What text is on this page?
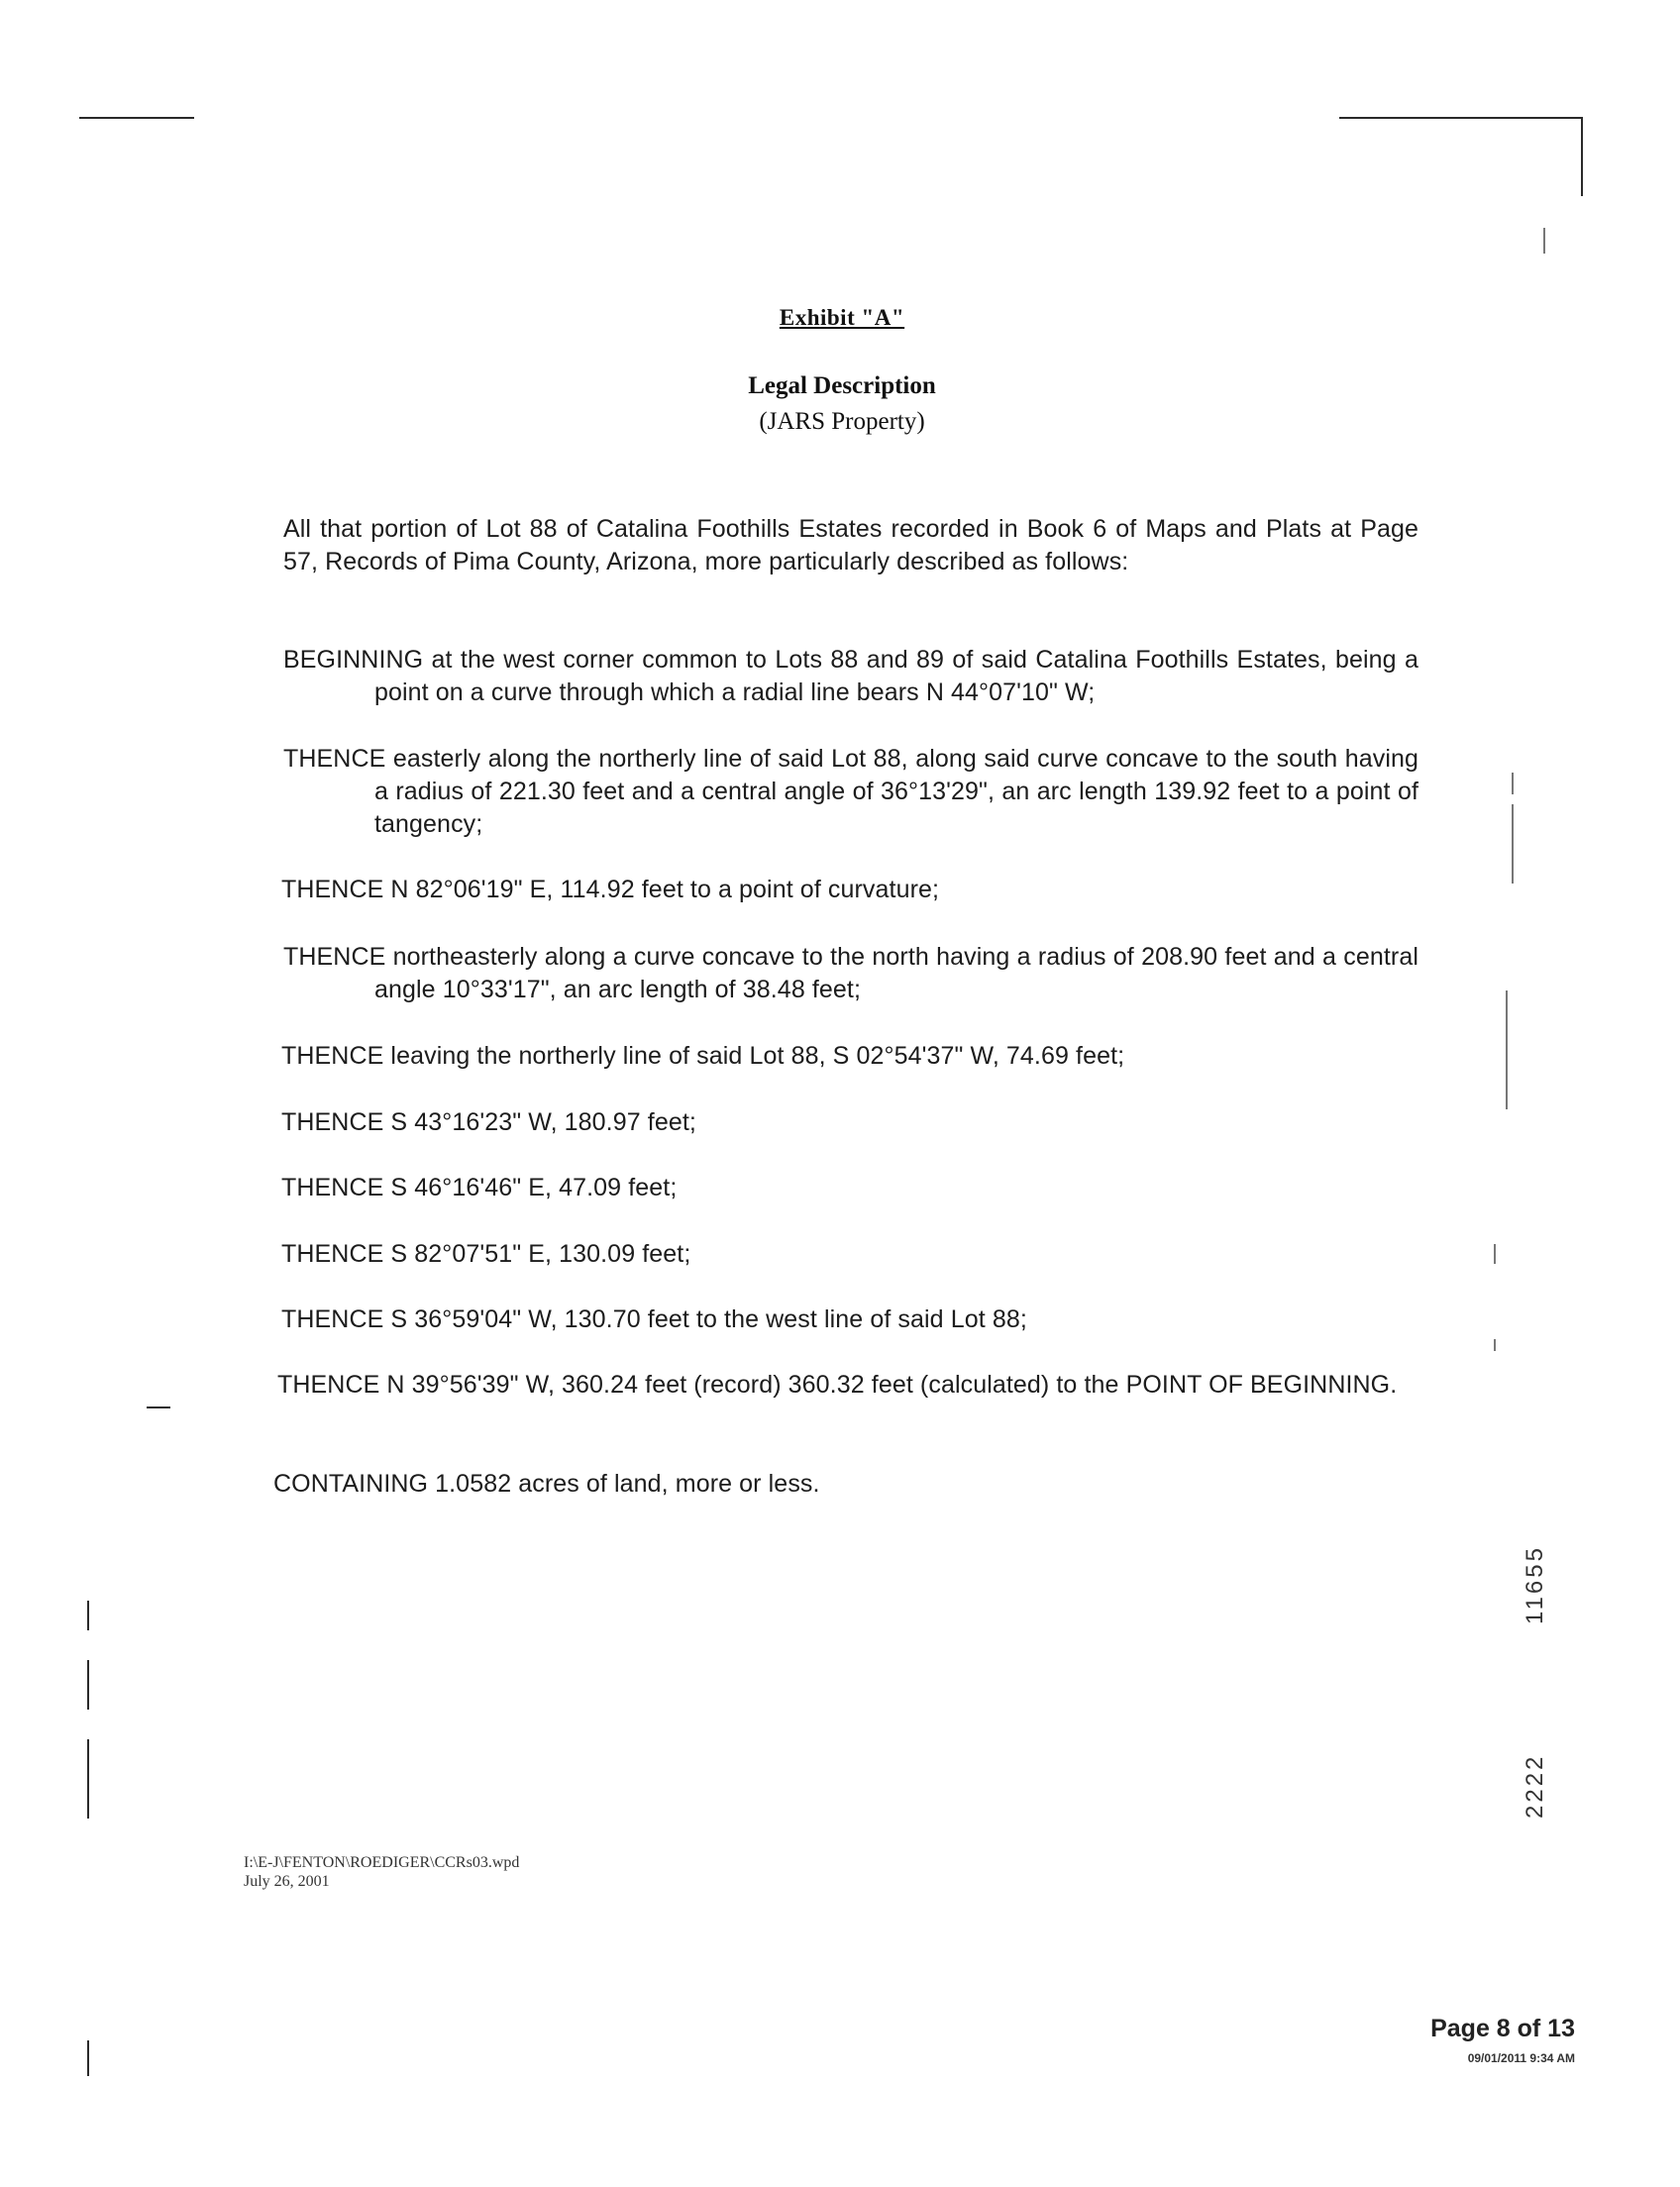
Exhibit "A"
Legal Description
(JARS Property)
All that portion of Lot 88 of Catalina Foothills Estates recorded in Book 6 of Maps and Plats at Page 57, Records of Pima County, Arizona, more particularly described as follows:
BEGINNING at the west corner common to Lots 88 and 89 of said Catalina Foothills Estates, being a point on a curve through which a radial line bears N 44°07'10" W;
THENCE easterly along the northerly line of said Lot 88, along said curve concave to the south having a radius of 221.30 feet and a central angle of 36°13'29", an arc length 139.92 feet to a point of tangency;
THENCE N 82°06'19" E, 114.92 feet to a point of curvature;
THENCE northeasterly along a curve concave to the north having a radius of 208.90 feet and a central angle 10°33'17", an arc length of 38.48 feet;
THENCE leaving the northerly line of said Lot 88, S 02°54'37" W, 74.69 feet;
THENCE S 43°16'23" W, 180.97 feet;
THENCE S 46°16'46" E, 47.09 feet;
THENCE S 82°07'51" E, 130.09 feet;
THENCE S 36°59'04" W, 130.70 feet to the west line of said Lot 88;
THENCE N 39°56'39" W, 360.24 feet (record) 360.32 feet (calculated) to the POINT OF BEGINNING.
CONTAINING 1.0582 acres of land, more or less.
I:\E-J\FENTON\ROEDIGER\CCRs03.wpd
July 26, 2001
Page 8 of 13
09/01/2011 9:34 AM
11655
2222
